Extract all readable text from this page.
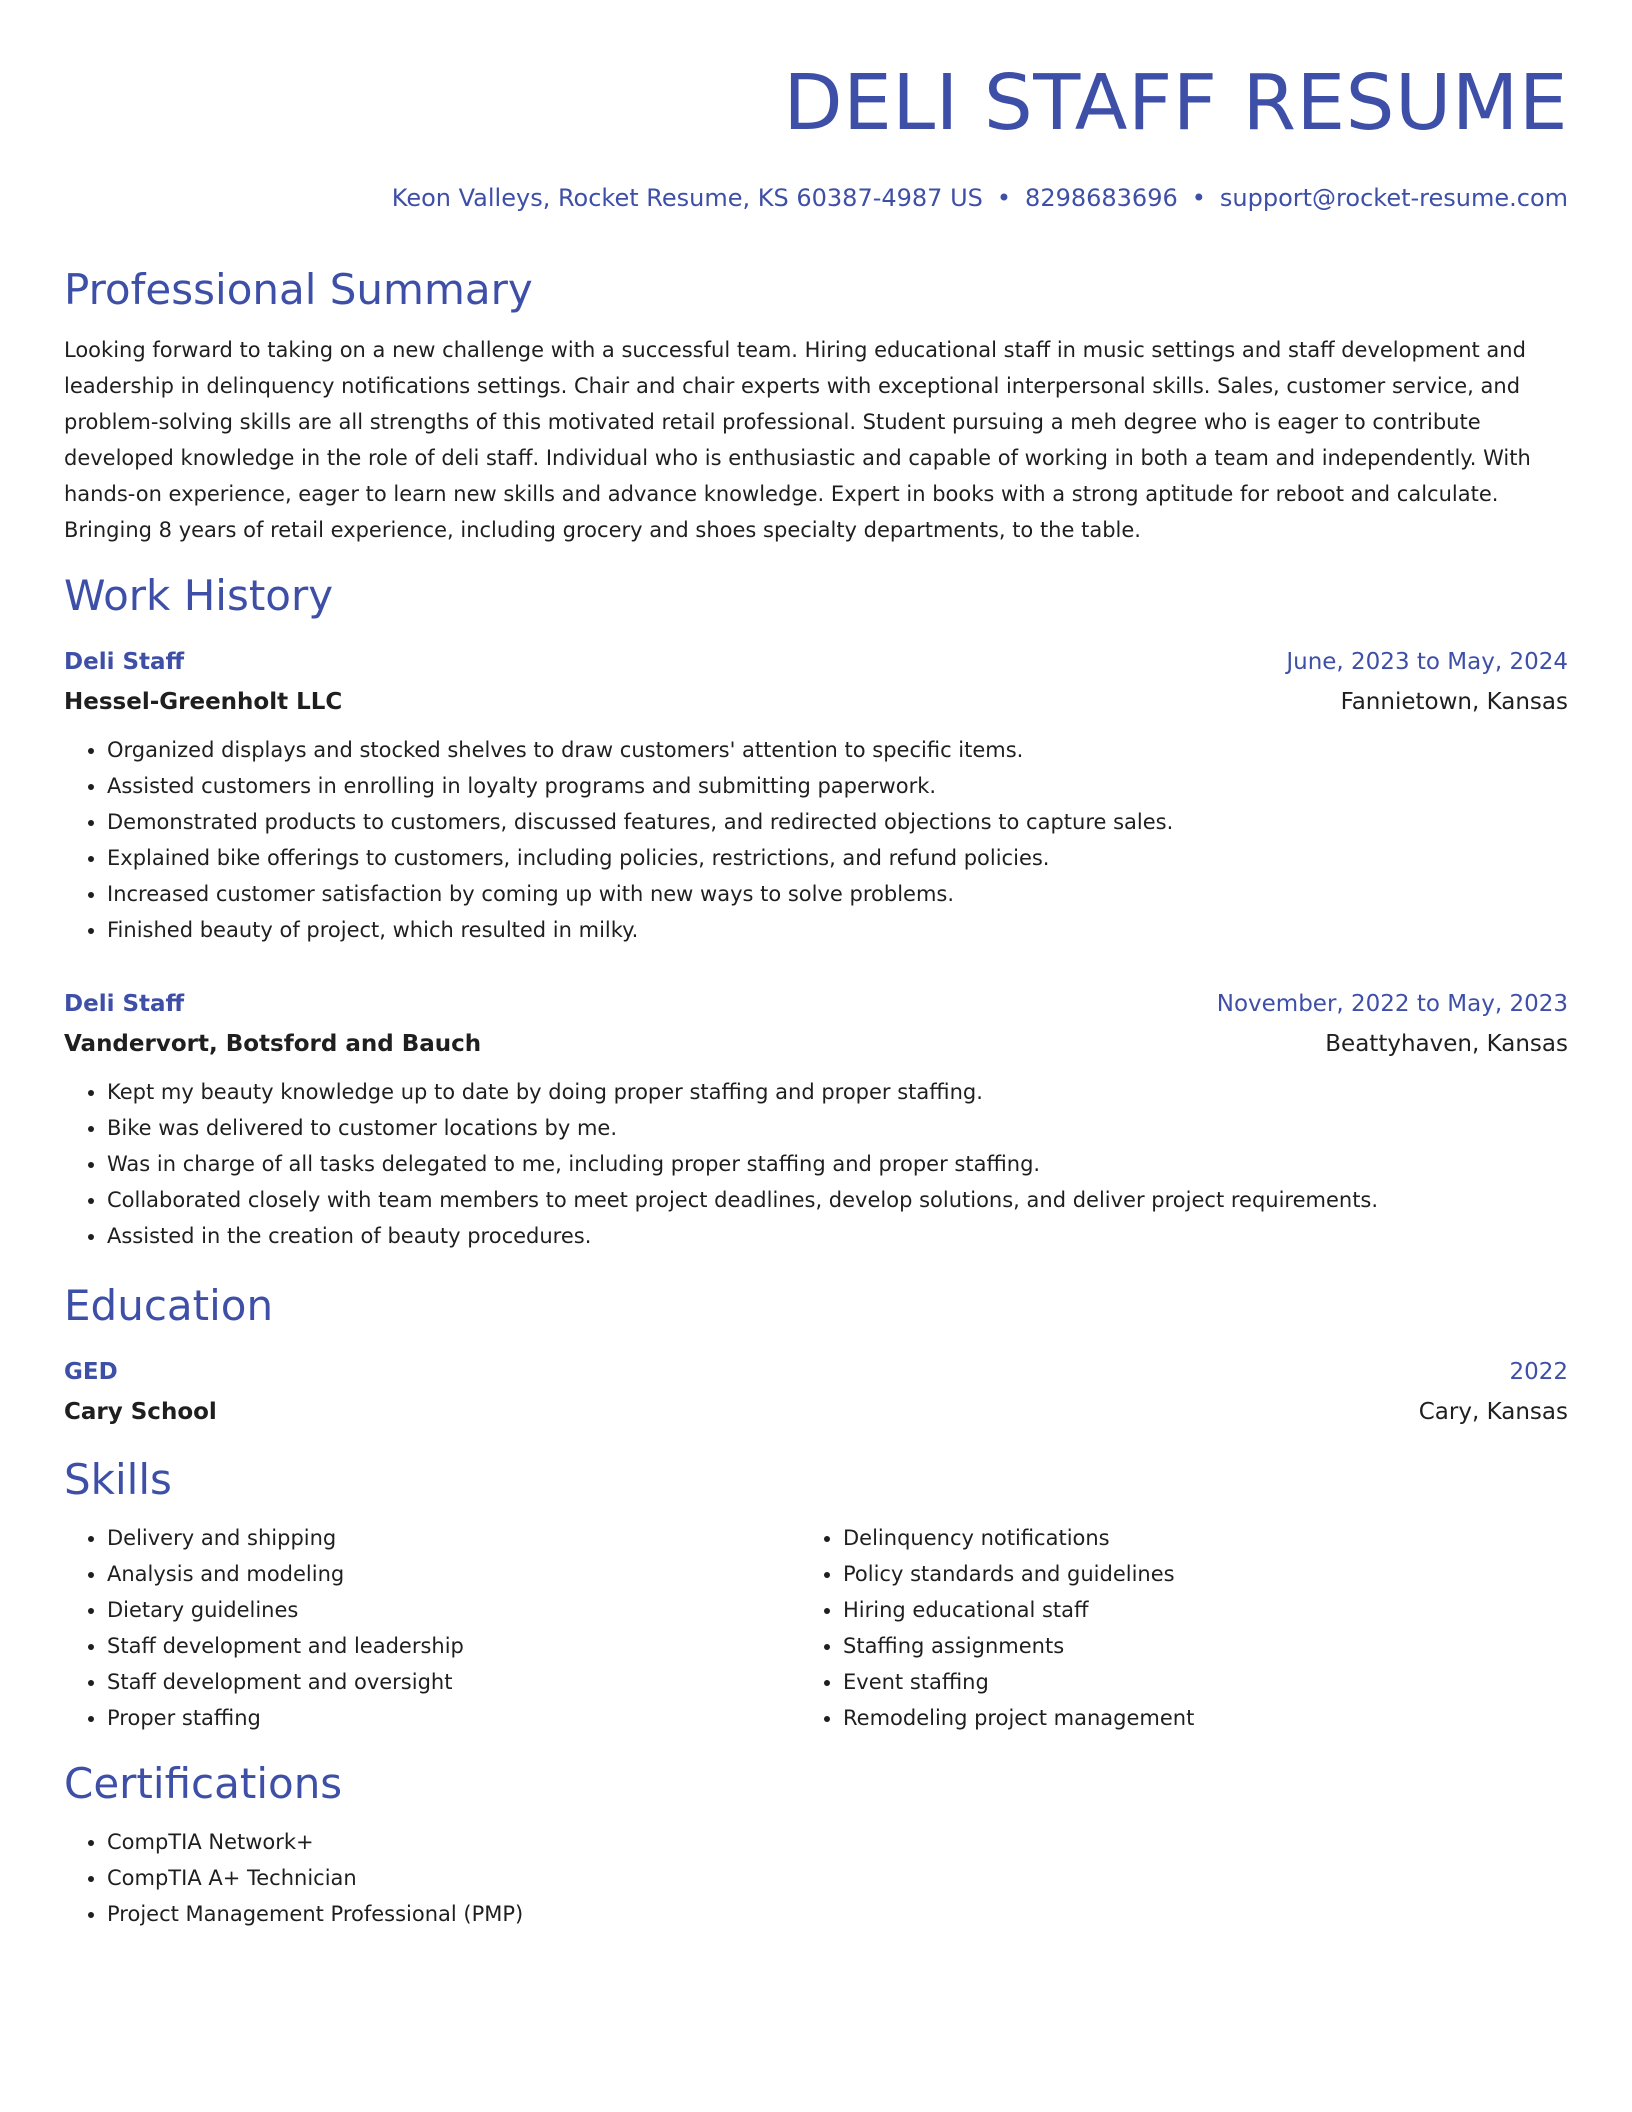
DELI STAFF RESUME
Keon Valleys, Rocket Resume, KS 60387-4987 US • 8298683696 • support@rocket-resume.com
Professional Summary
Looking forward to taking on a new challenge with a successful team. Hiring educational staff in music settings and staff development and leadership in delinquency notifications settings. Chair and chair experts with exceptional interpersonal skills. Sales, customer service, and problem-solving skills are all strengths of this motivated retail professional. Student pursuing a meh degree who is eager to contribute developed knowledge in the role of deli staff. Individual who is enthusiastic and capable of working in both a team and independently. With hands-on experience, eager to learn new skills and advance knowledge. Expert in books with a strong aptitude for reboot and calculate. Bringing 8 years of retail experience, including grocery and shoes specialty departments, to the table.
Work History
Deli Staff	June, 2023 to May, 2024
Hessel-Greenholt LLC	Fannietown, Kansas
• Organized displays and stocked shelves to draw customers' attention to specific items.
• Assisted customers in enrolling in loyalty programs and submitting paperwork.
• Demonstrated products to customers, discussed features, and redirected objections to capture sales.
• Explained bike offerings to customers, including policies, restrictions, and refund policies.
• Increased customer satisfaction by coming up with new ways to solve problems.
• Finished beauty of project, which resulted in milky.
Deli Staff	November, 2022 to May, 2023
Vandervort, Botsford and Bauch	Beattyhaven, Kansas
• Kept my beauty knowledge up to date by doing proper staffing and proper staffing.
• Bike was delivered to customer locations by me.
• Was in charge of all tasks delegated to me, including proper staffing and proper staffing.
• Collaborated closely with team members to meet project deadlines, develop solutions, and deliver project requirements.
• Assisted in the creation of beauty procedures.
Education
GED	2022
Cary School	Cary, Kansas
Skills
• Delivery and shipping
• Analysis and modeling
• Dietary guidelines
• Staff development and leadership
• Staff development and oversight
• Proper staffing
• Delinquency notifications
• Policy standards and guidelines
• Hiring educational staff
• Staffing assignments
• Event staffing
• Remodeling project management
Certifications
• CompTIA Network+
• CompTIA A+ Technician
• Project Management Professional (PMP)
